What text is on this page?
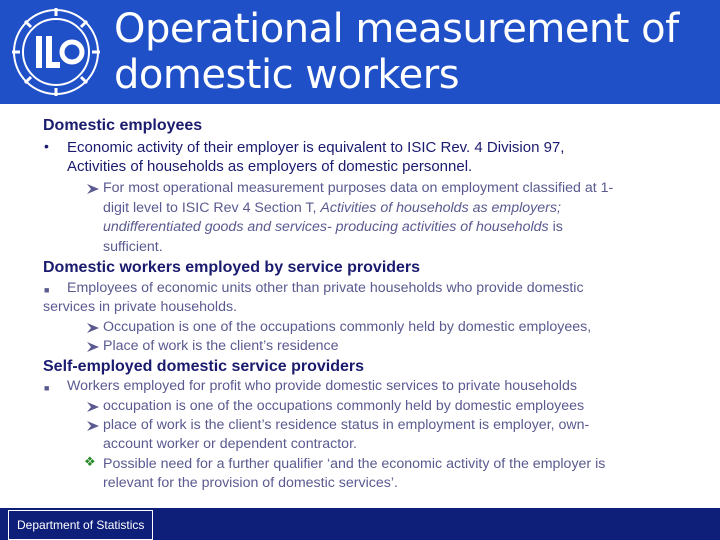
Operational measurement of
domestic workers
Domestic employees
• Economic activity of their employer is equivalent to ISIC Rev. 4 Division 97,
Activities of households as employers of domestic personnel.
For most operational measurement purposes data on employment classified at 1-
digit level to ISIC Rev 4 Section T, Activities of households as employers;
undifferentiated goods and services- producing activities of households is
sufficient.
Domestic workers employed by service providers
■ Employees of economic units other than private households who provide domestic
services in private households.
Occupation is one of the occupations commonly held by domestic employees,
Place of work is the client’s residence
Self-employed domestic service providers
■ Workers employed for profit who provide domestic services to private households
occupation is one of the occupations commonly held by domestic employees
place of work is the client’s residence status in employment is employer, own-
account worker or dependent contractor.
❖ Possible need for a further qualifier ‘and the economic activity of the employer is
relevant for the provision of domestic services’.
Department of Statistics
